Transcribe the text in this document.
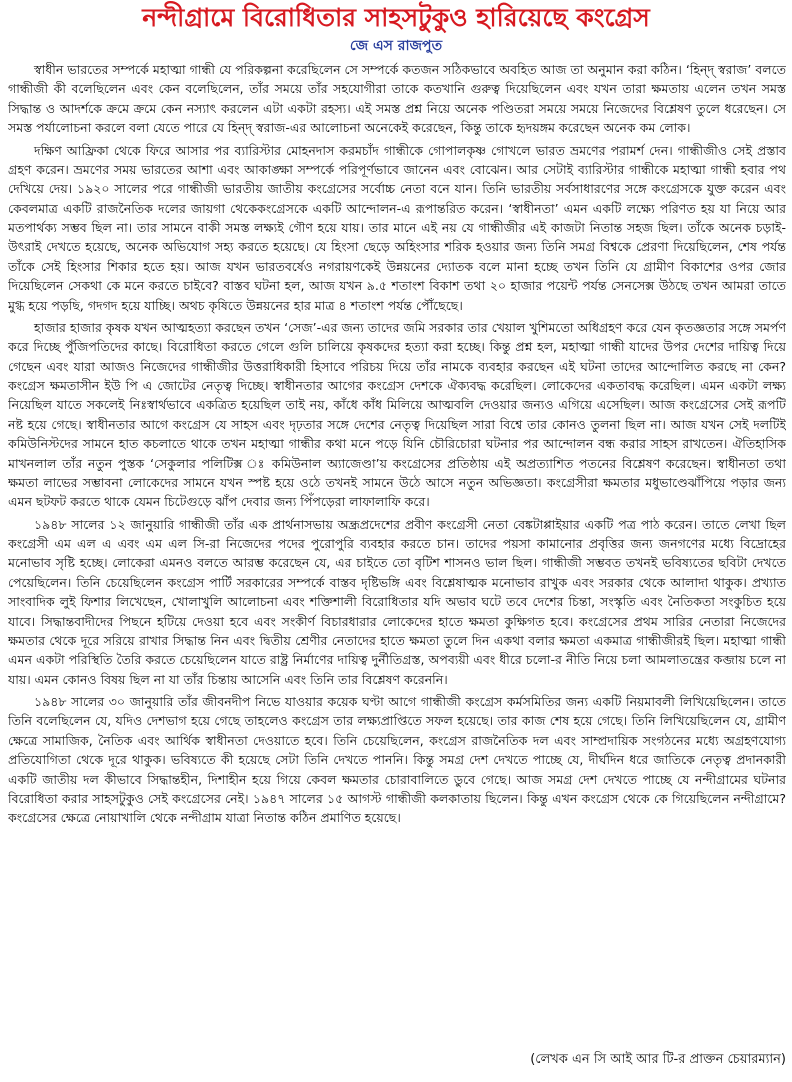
নন্দীগ্রামে বিরোধিতার সাহসটুকুও হারিয়েছে কংগ্রেস
জে এস রাজপুত

স্বাধীন ভারতের সম্পর্কে মহাত্মা গান্ধী যে পরিকল্পনা করেছিলেন সে সম্পর্কে কতজন সঠিকভাবে অবহিত আজ তা অনুমান করা কঠিন। ‘হিন্দ্ স্বরাজ’ বলতে গান্ধীজী কী বলেছিলেন এবং কেন বলেছিলেন, তাঁর সময়ে তাঁর সহযোগীরা তাকে কতখানি গুরুত্ব দিয়েছিলেন এবং যখন তারা ক্ষমতায় এলেন তখন সমস্ত সিদ্ধান্ত ও আদর্শকে ক্রমে ক্রমে কেন নস্যাৎ করলেন এটা একটা রহস্য। এই সমস্ত প্রশ্ন নিয়ে অনেক পণ্ডিতরা সময়ে সময়ে নিজেদের বিশ্লেষণ তুলে ধরেছেন। সে সমস্ত পর্যালোচনা করলে বলা যেতে পারে যে হিন্দ্ স্বরাজ-এর আলোচনা অনেকেই করেছেন, কিন্তু তাকে হৃদয়ঙ্গম করেছেন অনেক কম লোক।

দক্ষিণ আফ্রিকা থেকে ফিরে আসার পর ব্যারিস্টার মোহনদাস করমচাঁদ গান্ধীকে গোপালকৃষ্ণ গোখলে ভারত ভ্রমণের পরামর্শ দেন। গান্ধীজীও সেই প্রস্তাব গ্রহণ করেন। ভ্রমণের সময় ভারতের আশা এবং আকাঙ্ক্ষা সম্পর্কে পরিপূর্ণভাবে জানেন এবং বোঝেন। আর সেটাই ব্যারিস্টার গান্ধীকে মহাত্মা গান্ধী হবার পথ দেখিয়ে দেয়। ১৯২০ সালের পরে গান্ধীজী ভারতীয় জাতীয় কংগ্রেসের সর্বোচ্চ নেতা বনে যান। তিনি ভারতীয় সর্বসাধারণের সঙ্গে কংগ্রেসকে যুক্ত করেন এবং কেবলমাত্র একটি রাজনৈতিক দলের জায়গা থেকেকংগ্রেসকে একটি আন্দোলন-এ রূপান্তরিত করেন। ‘স্বাধীনতা’ এমন একটি লক্ষ্যে পরিণত হয় যা নিয়ে আর মতপার্থক্য সম্ভব ছিল না। তার সামনে বাকী সমস্ত লক্ষ্যই গৌণ হয়ে যায়। তার মানে এই নয় যে গান্ধীজীর এই কাজটা নিতান্ত সহজ ছিল। তাঁকে অনেক চড়াই-উৎরাই দেখতে হয়েছে, অনেক অভিযোগ সহ্য করতে হয়েছে। যে হিংসা ছেড়ে অহিংসার শরিক হওয়ার জন্য তিনি সমগ্র বিশ্বকে প্রেরণা দিয়েছিলেন, শেষ পর্যন্ত তাঁকে সেই হিংসার শিকার হতে হয়। আজ যখন ভারতবর্ষেও নগরায়ণকেই উন্নয়নের দ্যোতক বলে মানা হচ্ছে তখন তিনি যে গ্রামীণ বিকাশের ওপর জোর দিয়েছিলেন সেকথা কে মনে করতে চাইবে? বাস্তব ঘটনা হল, আজ যখন ৯.৫ শতাংশ বিকাশ তথা ২০ হাজার পয়েন্ট পর্যন্ত সেনসেক্স উঠছে তখন আমরা তাতে মুগ্ধ হয়ে পড়ছি, গদগদ হয়ে যাচ্ছি। অথচ কৃষিতে উন্নয়নের হার মাত্র ৪ শতাংশ পর্যন্ত পৌঁছেছে।

হাজার হাজার কৃষক যখন আত্মহত্যা করছেন তখন ‘সেজ’-এর জন্য তাদের জমি সরকার তার খেয়াল খুশিমতো অধিগ্রহণ করে যেন কৃতজ্ঞতার সঙ্গে সমর্পণ করে দিচ্ছে পুঁজিপতিদের কাছে। বিরোধিতা করতে গেলে গুলি চালিয়ে কৃষকদের হত্যা করা হচ্ছে। কিন্তু প্রশ্ন হল, মহাত্মা গান্ধী যাদের উপর দেশের দায়িত্ব দিয়ে গেছেন এবং যারা আজও নিজেদের গান্ধীজীর উত্তরাধিকারী হিসাবে পরিচয় দিয়ে তাঁর নামকে ব্যবহার করছেন এই ঘটনা তাদের আন্দোলিত করছে না কেন? কংগ্রেস ক্ষমতাসীন ইউ পি এ জোটের নেতৃত্ব দিচ্ছে। স্বাধীনতার আগের কংগ্রেস দেশকে ঐক্যবদ্ধ করেছিল। লোকেদের একতাবদ্ধ করেছিল। এমন একটা লক্ষ্য নিয়েছিল যাতে সকলেই নিঃস্বার্থভাবে একত্রিত হয়েছিল তাই নয়, কাঁধে কাঁধ মিলিয়ে আত্মবলি দেওয়ার জন্যও এগিয়ে এসেছিল। আজ কংগ্রেসের সেই রূপটি নষ্ট হয়ে গেছে। স্বাধীনতার আগে কংগ্রেস যে সাহস এবং দৃঢ়তার সঙ্গে দেশের নেতৃত্ব দিয়েছিল সারা বিশ্বে তার কোনও তুলনা ছিল না। আজ যখন সেই দলটিই কমিউনিস্টদের সামনে হাত কচলাতে থাকে তখন মহাত্মা গান্ধীর কথা মনে পড়ে যিনি চৌরিচোরা ঘটনার পর আন্দোলন বন্ধ করার সাহস রাখতেন। ঐতিহাসিক মাখনলাল তাঁর নতুন পুস্তক ‘সেকুলার পলিটিক্স ঃ কমিউনাল অ্যাজেণ্ডা’য় কংগ্রেসের প্রতিষ্ঠায় এই অপ্রত্যাশিত পতনের বিশ্লেষণ করেছেন। স্বাধীনতা তথা ক্ষমতা লাভের সম্ভাবনা লোকেদের সামনে যখন স্পষ্ট হয়ে ওঠে তখনই সামনে উঠে আসে নতুন অভিজ্ঞতা। কংগ্রেসীরা ক্ষমতার মধুভাণ্ডেঝাঁপিয়ে পড়ার জন্য এমন ছটফট করতে থাকে যেমন চিটেগুড়ে ঝাঁপ দেবার জন্য পিঁপড়েরা লাফালাফি করে।

১৯৪৮ সালের ১২ জানুয়ারি গান্ধীজী তাঁর এক প্রার্থনাসভায় অন্ধ্রপ্রদেশের প্রবীণ কংগ্রেসী নেতা বেঙ্কটাপ্পাইয়ার একটি পত্র পাঠ করেন। তাতে লেখা ছিল কংগ্রেসী এম এল এ এবং এম এল সি-রা নিজেদের পদের পুরোপুরি ব্যবহার করতে চান। তাদের পয়সা কামানোর প্রবৃত্তির জন্য জনগণের মধ্যে বিদ্রোহের মনোভাব সৃষ্টি হচ্ছে। লোকেরা এমনও বলতে আরম্ভ করেছেন যে, এর চাইতে তো বৃটিশ শাসনও ভাল ছিল। গান্ধীজী সম্ভবত তখনই ভবিষ্যতের ছবিটা দেখতে পেয়েছিলেন। তিনি চেয়েছিলেন কংগ্রেস পার্টি সরকারের সম্পর্কে বাস্তব দৃষ্টিভঙ্গি এবং বিশ্লেষাত্মক মনোভাব রাখুক এবং সরকার থেকে আলাদা থাকুক। প্রখ্যাত সাংবাদিক লুই ফিশার লিখেছেন, খোলাখুলি আলোচনা এবং শক্তিশালী বিরোধিতার যদি অভাব ঘটে তবে দেশের চিন্তা, সংস্কৃতি এবং নৈতিকতা সংকুচিত হয়ে যাবে। সিদ্ধান্তবাদীদের পিছনে হটিয়ে দেওয়া হবে এবং সংকীর্ণ বিচারধারার লোকেদের হাতে ক্ষমতা কুক্ষিগত হবে। কংগ্রেসের প্রথম সারির নেতারা নিজেদের ক্ষমতার থেকে দূরে সরিয়ে রাখার সিদ্ধান্ত নিন এবং দ্বিতীয় শ্রেণীর নেতাদের হাতে ক্ষমতা তুলে দিন একথা বলার ক্ষমতা একমাত্র গান্ধীজীরই ছিল। মহাত্মা গান্ধী এমন একটা পরিস্থিতি তৈরি করতে চেয়েছিলেন যাতে রাষ্ট্র নির্মাণের দায়িত্ব দুর্নীতিগ্রস্ত, অপব্যয়ী এবং ধীরে চলো-র নীতি নিয়ে চলা আমলাতন্ত্রের কব্জায় চলে না যায়। এমন কোনও বিষয় ছিল না যা তাঁর চিন্তায় আসেনি এবং তিনি তার বিশ্লেষণ করেননি।

১৯৪৮ সালের ৩০ জানুয়ারি তাঁর জীবনদীপ নিভে যাওয়ার কয়েক ঘণ্টা আগে গান্ধীজী কংগ্রেস কর্মসমিতির জন্য একটি নিয়মাবলী লিখিয়েছিলেন। তাতে তিনি বলেছিলেন যে, যদিও দেশভাগ হয়ে গেছে তাহলেও কংগ্রেস তার লক্ষ্যপ্রাপ্তিতে সফল হয়েছে। তার কাজ শেষ হয়ে গেছে। তিনি লিখিয়েছিলেন যে, গ্রামীণ ক্ষেত্রে সামাজিক, নৈতিক এবং আর্থিক স্বাধীনতা দেওয়াতে হবে। তিনি চেয়েছিলেন, কংগ্রেস রাজনৈতিক দল এবং সাম্প্রদায়িক সংগঠনের মধ্যে অগ্রহণযোগ্য প্রতিযোগিতা থেকে দূরে থাকুক। ভবিষ্যতে কী হয়েছে সেটা তিনি দেখতে পাননি। কিন্তু সমগ্র দেশ দেখতে পাচ্ছে যে, দীর্ঘদিন ধরে জাতিকে নেতৃত্ব প্রদানকারী একটি জাতীয় দল কীভাবে সিদ্ধান্তহীন, দিশাহীন হয়ে গিয়ে কেবল ক্ষমতার চোরাবালিতে ডুবে গেছে। আজ সমগ্র দেশ দেখতে পাচ্ছে যে নন্দীগ্রামের ঘটনার বিরোধিতা করার সাহসটুকুও সেই কংগ্রেসের নেই। ১৯৪৭ সালের ১৫ আগস্ট গান্ধীজী কলকাতায় ছিলেন। কিন্তু এখন কংগ্রেস থেকে কে গিয়েছিলেন নন্দীগ্রামে? কংগ্রেসের ক্ষেত্রে নোয়াখালি থেকে নন্দীগ্রাম যাত্রা নিতান্ত কঠিন প্রমাণিত হয়েছে।

(লেখক এন সি আই আর টি-র প্রাক্তন চেয়ারম্যান)
